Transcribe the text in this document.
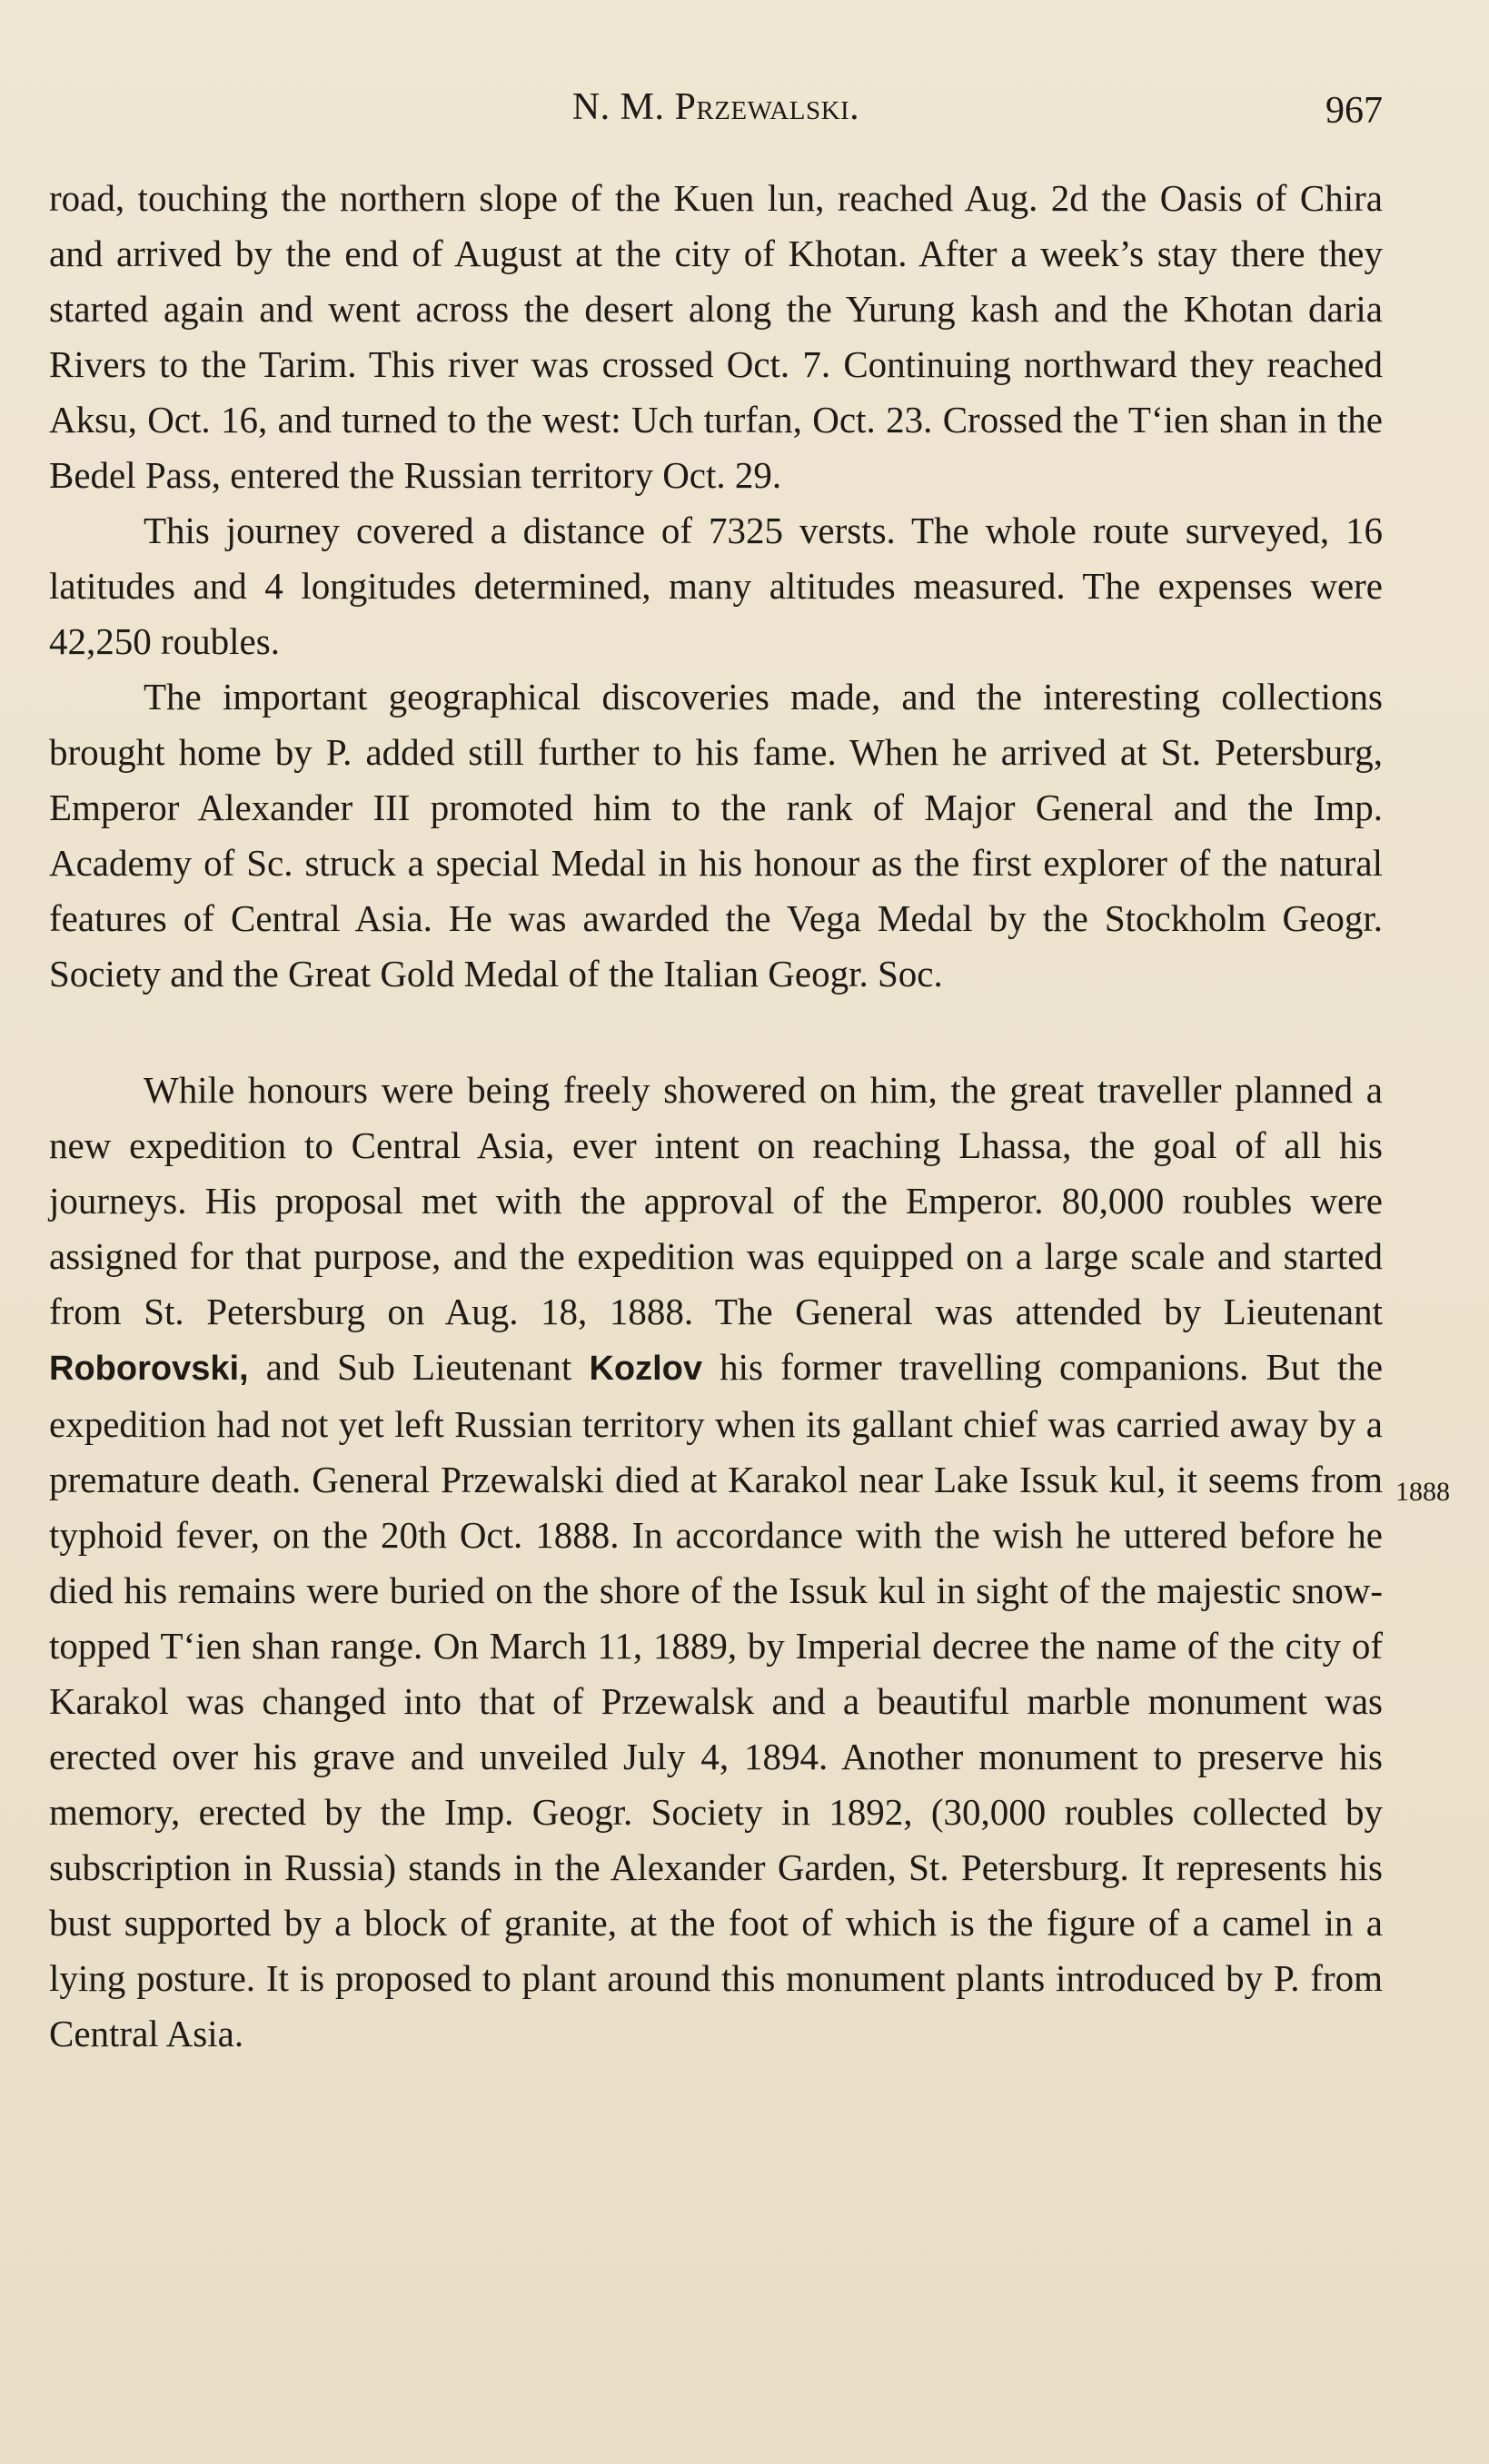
N. M. Przewalski.	967

road, touching the northern slope of the Kuen lun, reached Aug. 2d the Oasis of Chira and arrived by the end of August at the city of Khotan. After a week’s stay there they started again and went across the desert along the Yurung kash and the Khotan daria Rivers to the Tarim. This river was crossed Oct. 7. Continuing northward they reached Aksu, Oct. 16, and turned to the west: Uch turfan, Oct. 23. Crossed the T‘ien shan in the Bedel Pass, entered the Russian territory Oct. 29.

This journey covered a distance of 7325 versts. The whole route surveyed, 16 latitudes and 4 longitudes determined, many altitudes measured. The expenses were 42,250 roubles.

The important geographical discoveries made, and the interesting collections brought home by P. added still further to his fame. When he arrived at St. Petersburg, Emperor Alexander III promoted him to the rank of Major General and the Imp. Academy of Sc. struck a special Medal in his honour as the first explorer of the natural features of Central Asia. He was awarded the Vega Medal by the Stockholm Geogr. Society and the Great Gold Medal of the Italian Geogr. Soc.

While honours were being freely showered on him, the great traveller planned a new expedition to Central Asia, ever intent on reaching Lhassa, the goal of all his journeys. His proposal met with the approval of the Emperor. 80,000 roubles were assigned for that purpose, and the expedition was equipped on a large scale and started from St. Petersburg on Aug. 18, 1888. The General was attended by Lieutenant Roborovski, and Sub Lieutenant Kozlov his former travelling companions. But the expedition had not yet left Russian territory when its gallant chief was carried away by a premature death. General Przewalski died at Karakol near Lake Issuk kul, it seems from typhoid fever, on the 20th Oct. 1888. In accordance with the wish he uttered before he died his remains were buried on the shore of the Issuk kul in sight of the majestic snow-topped T‘ien shan range. On March 11, 1889, by Imperial decree the name of the city of Karakol was changed into that of Przewalsk and a beautiful marble monument was erected over his grave and unveiled July 4, 1894. Another monument to preserve his memory, erected by the Imp. Geogr. Society in 1892, (30,000 roubles collected by subscription in Russia) stands in the Alexander Garden, St. Petersburg. It represents his bust supported by a block of granite, at the foot of which is the figure of a camel in a lying posture. It is proposed to plant around this monument plants introduced by P. from Central Asia.

1888
